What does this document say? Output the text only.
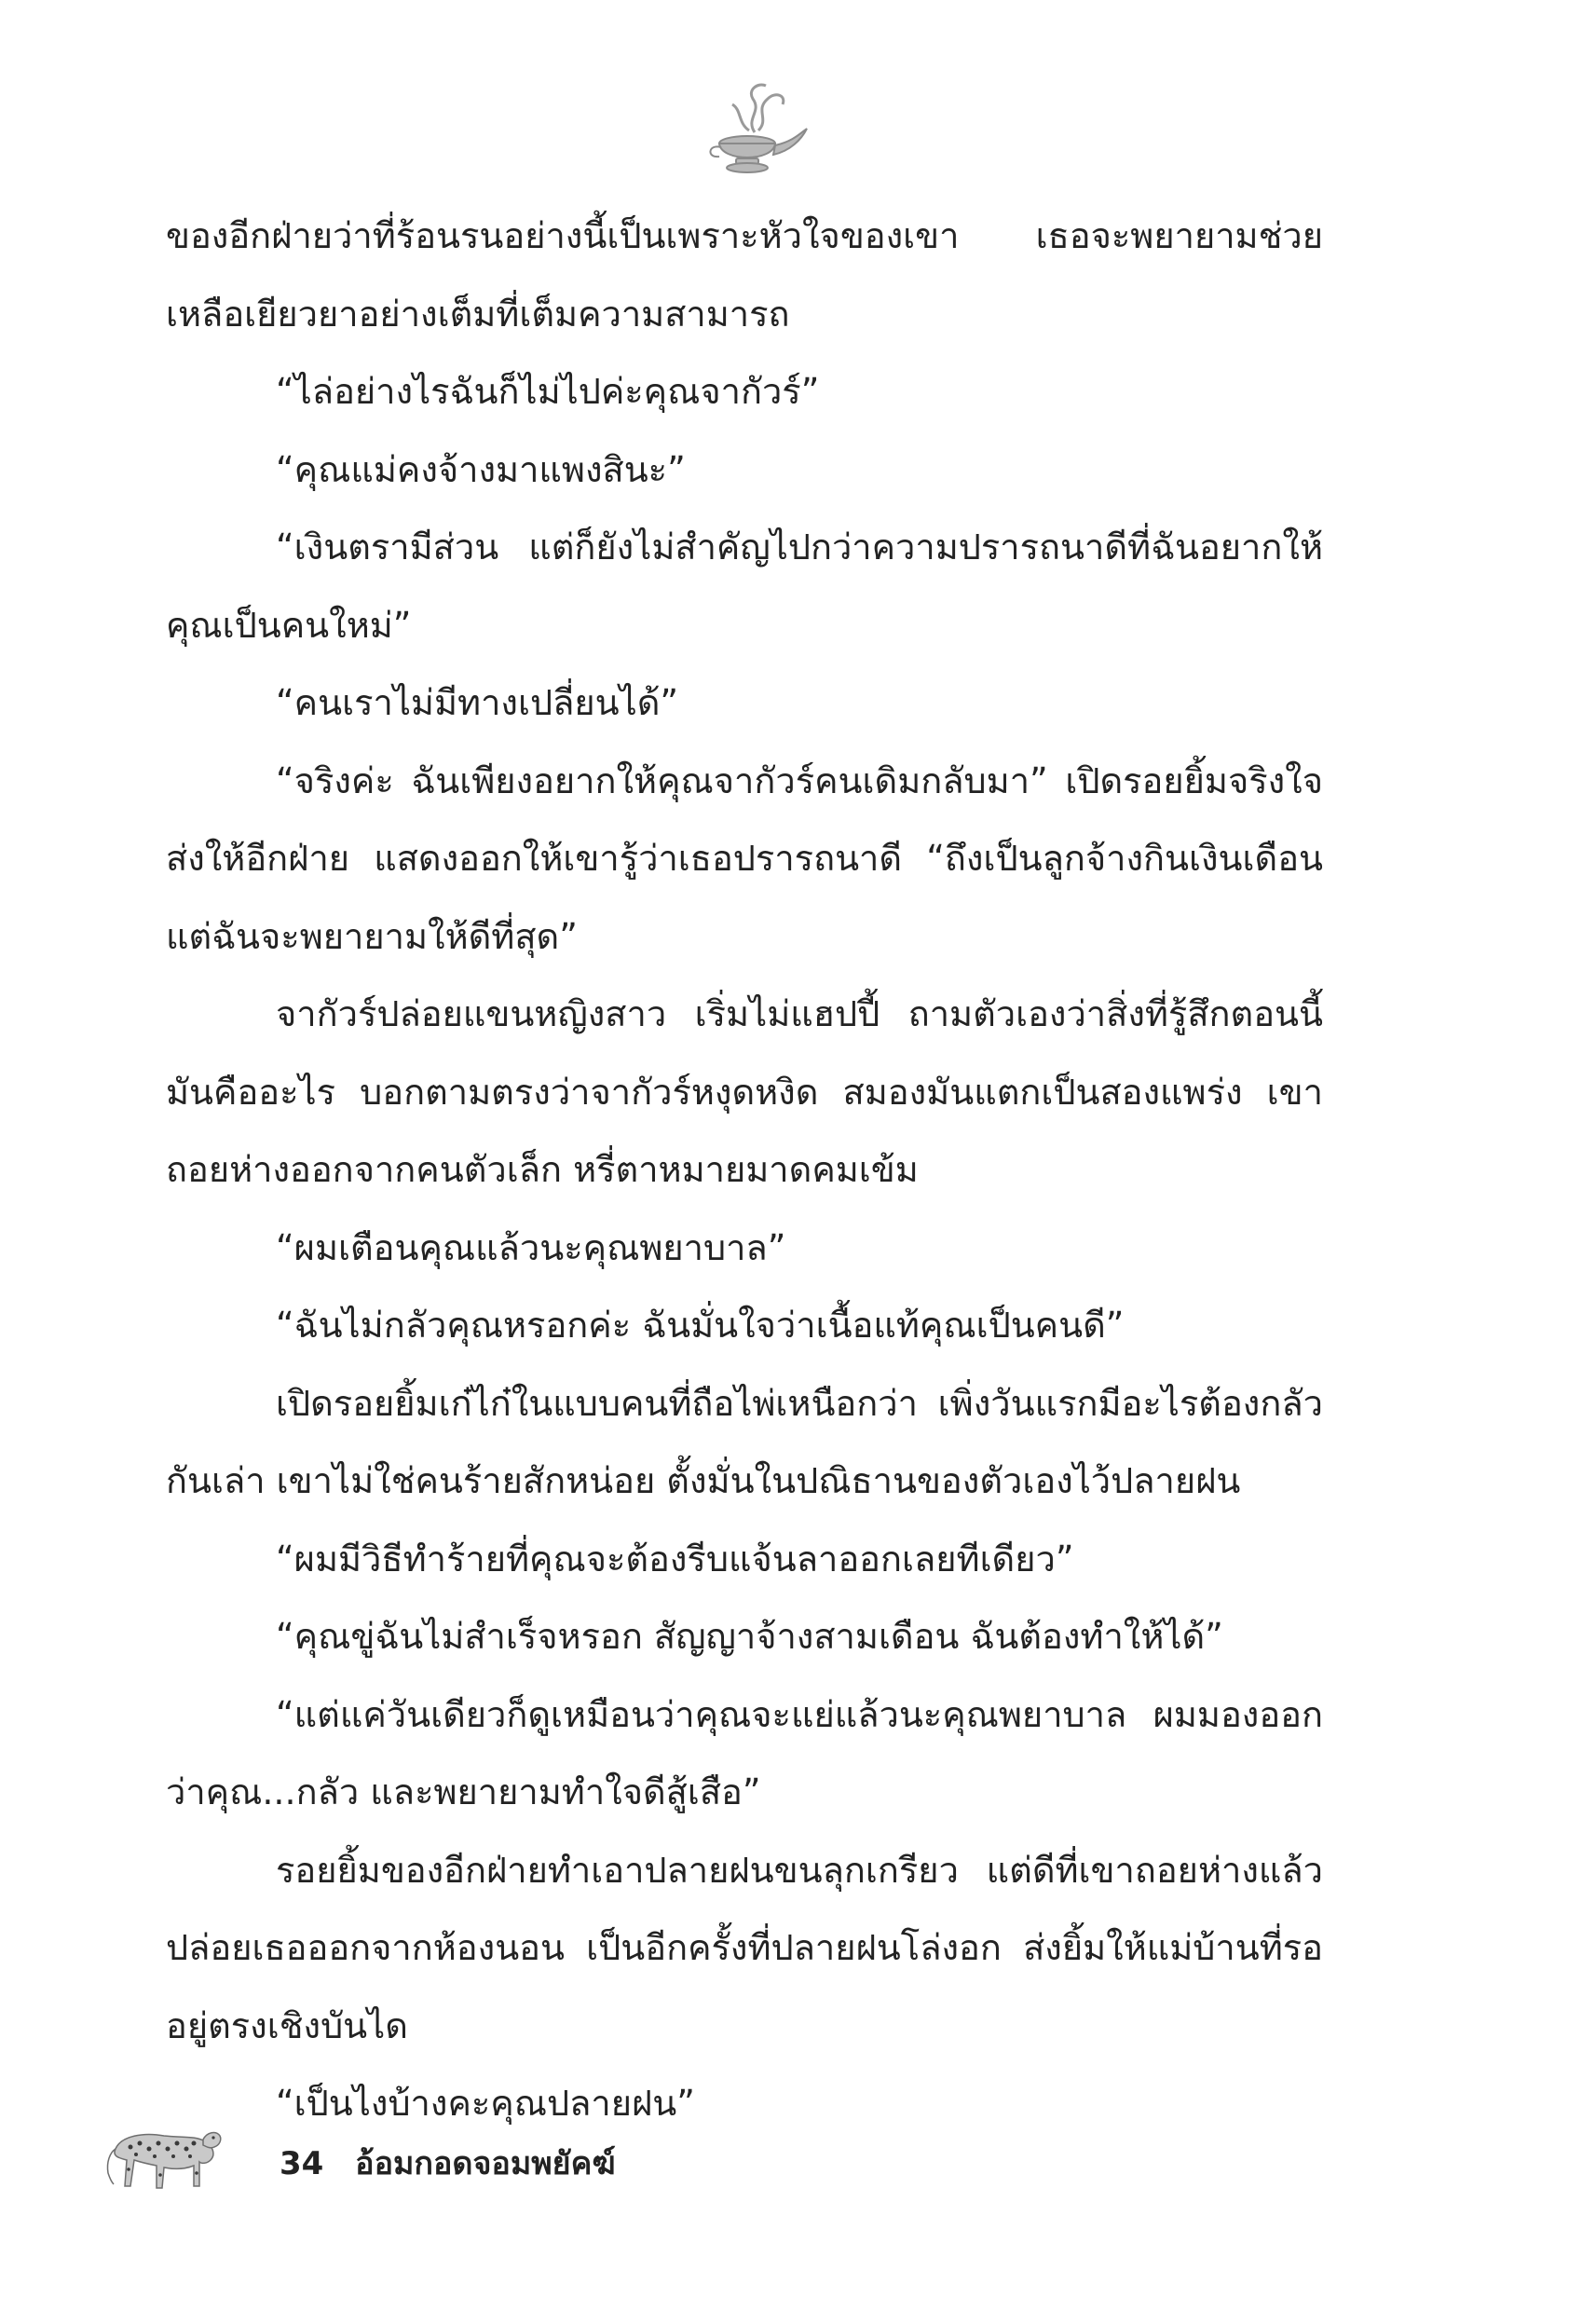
ของอีกฝ่ายว่าที่ร้อนรนอย่างนี้เป็นเพราะหัวใจของเขา เธอจะพยายามช่วยเหลือเยียวยาอย่างเต็มที่เต็มความสามารถ

“ไล่อย่างไรฉันก็ไม่ไปค่ะคุณจากัวร์”

“คุณแม่คงจ้างมาแพงสินะ”

“เงินตรามีส่วน แต่ก็ยังไม่สำคัญไปกว่าความปรารถนาดีที่ฉันอยากให้คุณเป็นคนใหม่”

“คนเราไม่มีทางเปลี่ยนได้”

“จริงค่ะ ฉันเพียงอยากให้คุณจากัวร์คนเดิมกลับมา” เปิดรอยยิ้มจริงใจส่งให้อีกฝ่าย แสดงออกให้เขารู้ว่าเธอปรารถนาดี “ถึงเป็นลูกจ้างกินเงินเดือน แต่ฉันจะพยายามให้ดีที่สุด”

จากัวร์ปล่อยแขนหญิงสาว เริ่มไม่แฮปปี้ ถามตัวเองว่าสิ่งที่รู้สึกตอนนี้มันคืออะไร บอกตามตรงว่าจากัวร์หงุดหงิด สมองมันแตกเป็นสองแพร่ง เขาถอยห่างออกจากคนตัวเล็ก หรี่ตาหมายมาดคมเข้ม

“ผมเตือนคุณแล้วนะคุณพยาบาล”

“ฉันไม่กลัวคุณหรอกค่ะ ฉันมั่นใจว่าเนื้อแท้คุณเป็นคนดี”

เปิดรอยยิ้มเก๋ไก๋ในแบบคนที่ถือไพ่เหนือกว่า เพิ่งวันแรกมีอะไรต้องกลัวกันเล่า เขาไม่ใช่คนร้ายสักหน่อย ตั้งมั่นในปณิธานของตัวเองไว้ปลายฝน

“ผมมีวิธีทำร้ายที่คุณจะต้องรีบแจ้นลาออกเลยทีเดียว”

“คุณขู่ฉันไม่สำเร็จหรอก สัญญาจ้างสามเดือน ฉันต้องทำให้ได้”

“แต่แค่วันเดียวก็ดูเหมือนว่าคุณจะแย่แล้วนะคุณพยาบาล ผมมองออกว่าคุณ...กลัว และพยายามทำใจดีสู้เสือ”

รอยยิ้มของอีกฝ่ายทำเอาปลายฝนขนลุกเกรียว แต่ดีที่เขาถอยห่างแล้วปล่อยเธอออกจากห้องนอน เป็นอีกครั้งที่ปลายฝนโล่งอก ส่งยิ้มให้แม่บ้านที่รออยู่ตรงเชิงบันได

“เป็นไงบ้างคะคุณปลายฝน”

34 อ้อมกอดจอมพยัคฆ์
